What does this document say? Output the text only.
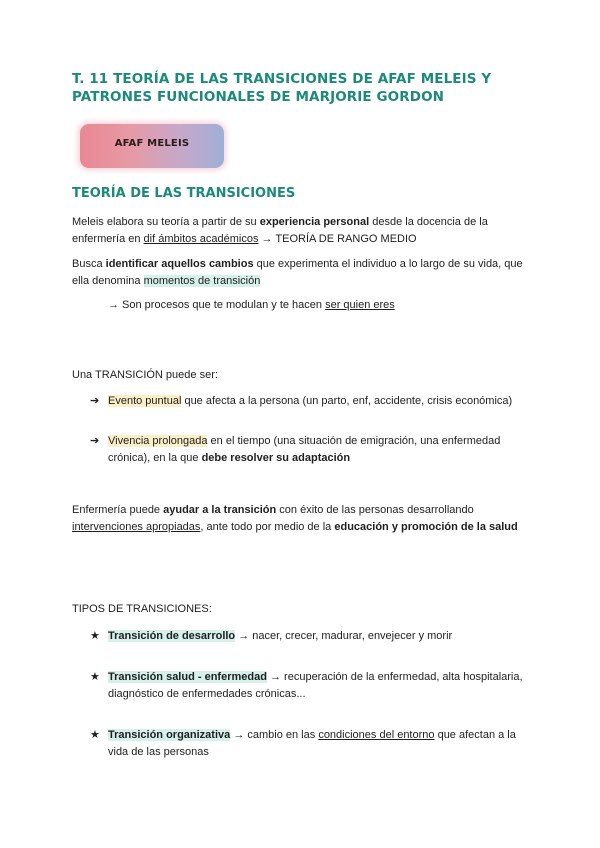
T. 11 TEORÍA DE LAS TRANSICIONES DE AFAF MELEIS Y PATRONES FUNCIONALES DE MARJORIE GORDON
AFAF MELEIS
TEORÍA DE LAS TRANSICIONES
Meleis elabora su teoría a partir de su experiencia personal desde la docencia de la enfermería en dif ámbitos académicos → TEORÍA DE RANGO MEDIO
Busca identificar aquellos cambios que experimenta el individuo a lo largo de su vida, que ella denomina momentos de transición
→ Son procesos que te modulan y te hacen ser quien eres
Una TRANSICIÓN puede ser:
➔ Evento puntual que afecta a la persona (un parto, enf, accidente, crisis económica)
➔ Vivencia prolongada en el tiempo (una situación de emigración, una enfermedad crónica), en la que debe resolver su adaptación
Enfermería puede ayudar a la transición con éxito de las personas desarrollando intervenciones apropiadas, ante todo por medio de la educación y promoción de la salud
TIPOS DE TRANSICIONES:
★ Transición de desarrollo → nacer, crecer, madurar, envejecer y morir
★ Transición salud - enfermedad → recuperación de la enfermedad, alta hospitalaria, diagnóstico de enfermedades crónicas...
★ Transición organizativa → cambio en las condiciones del entorno que afectan a la vida de las personas
